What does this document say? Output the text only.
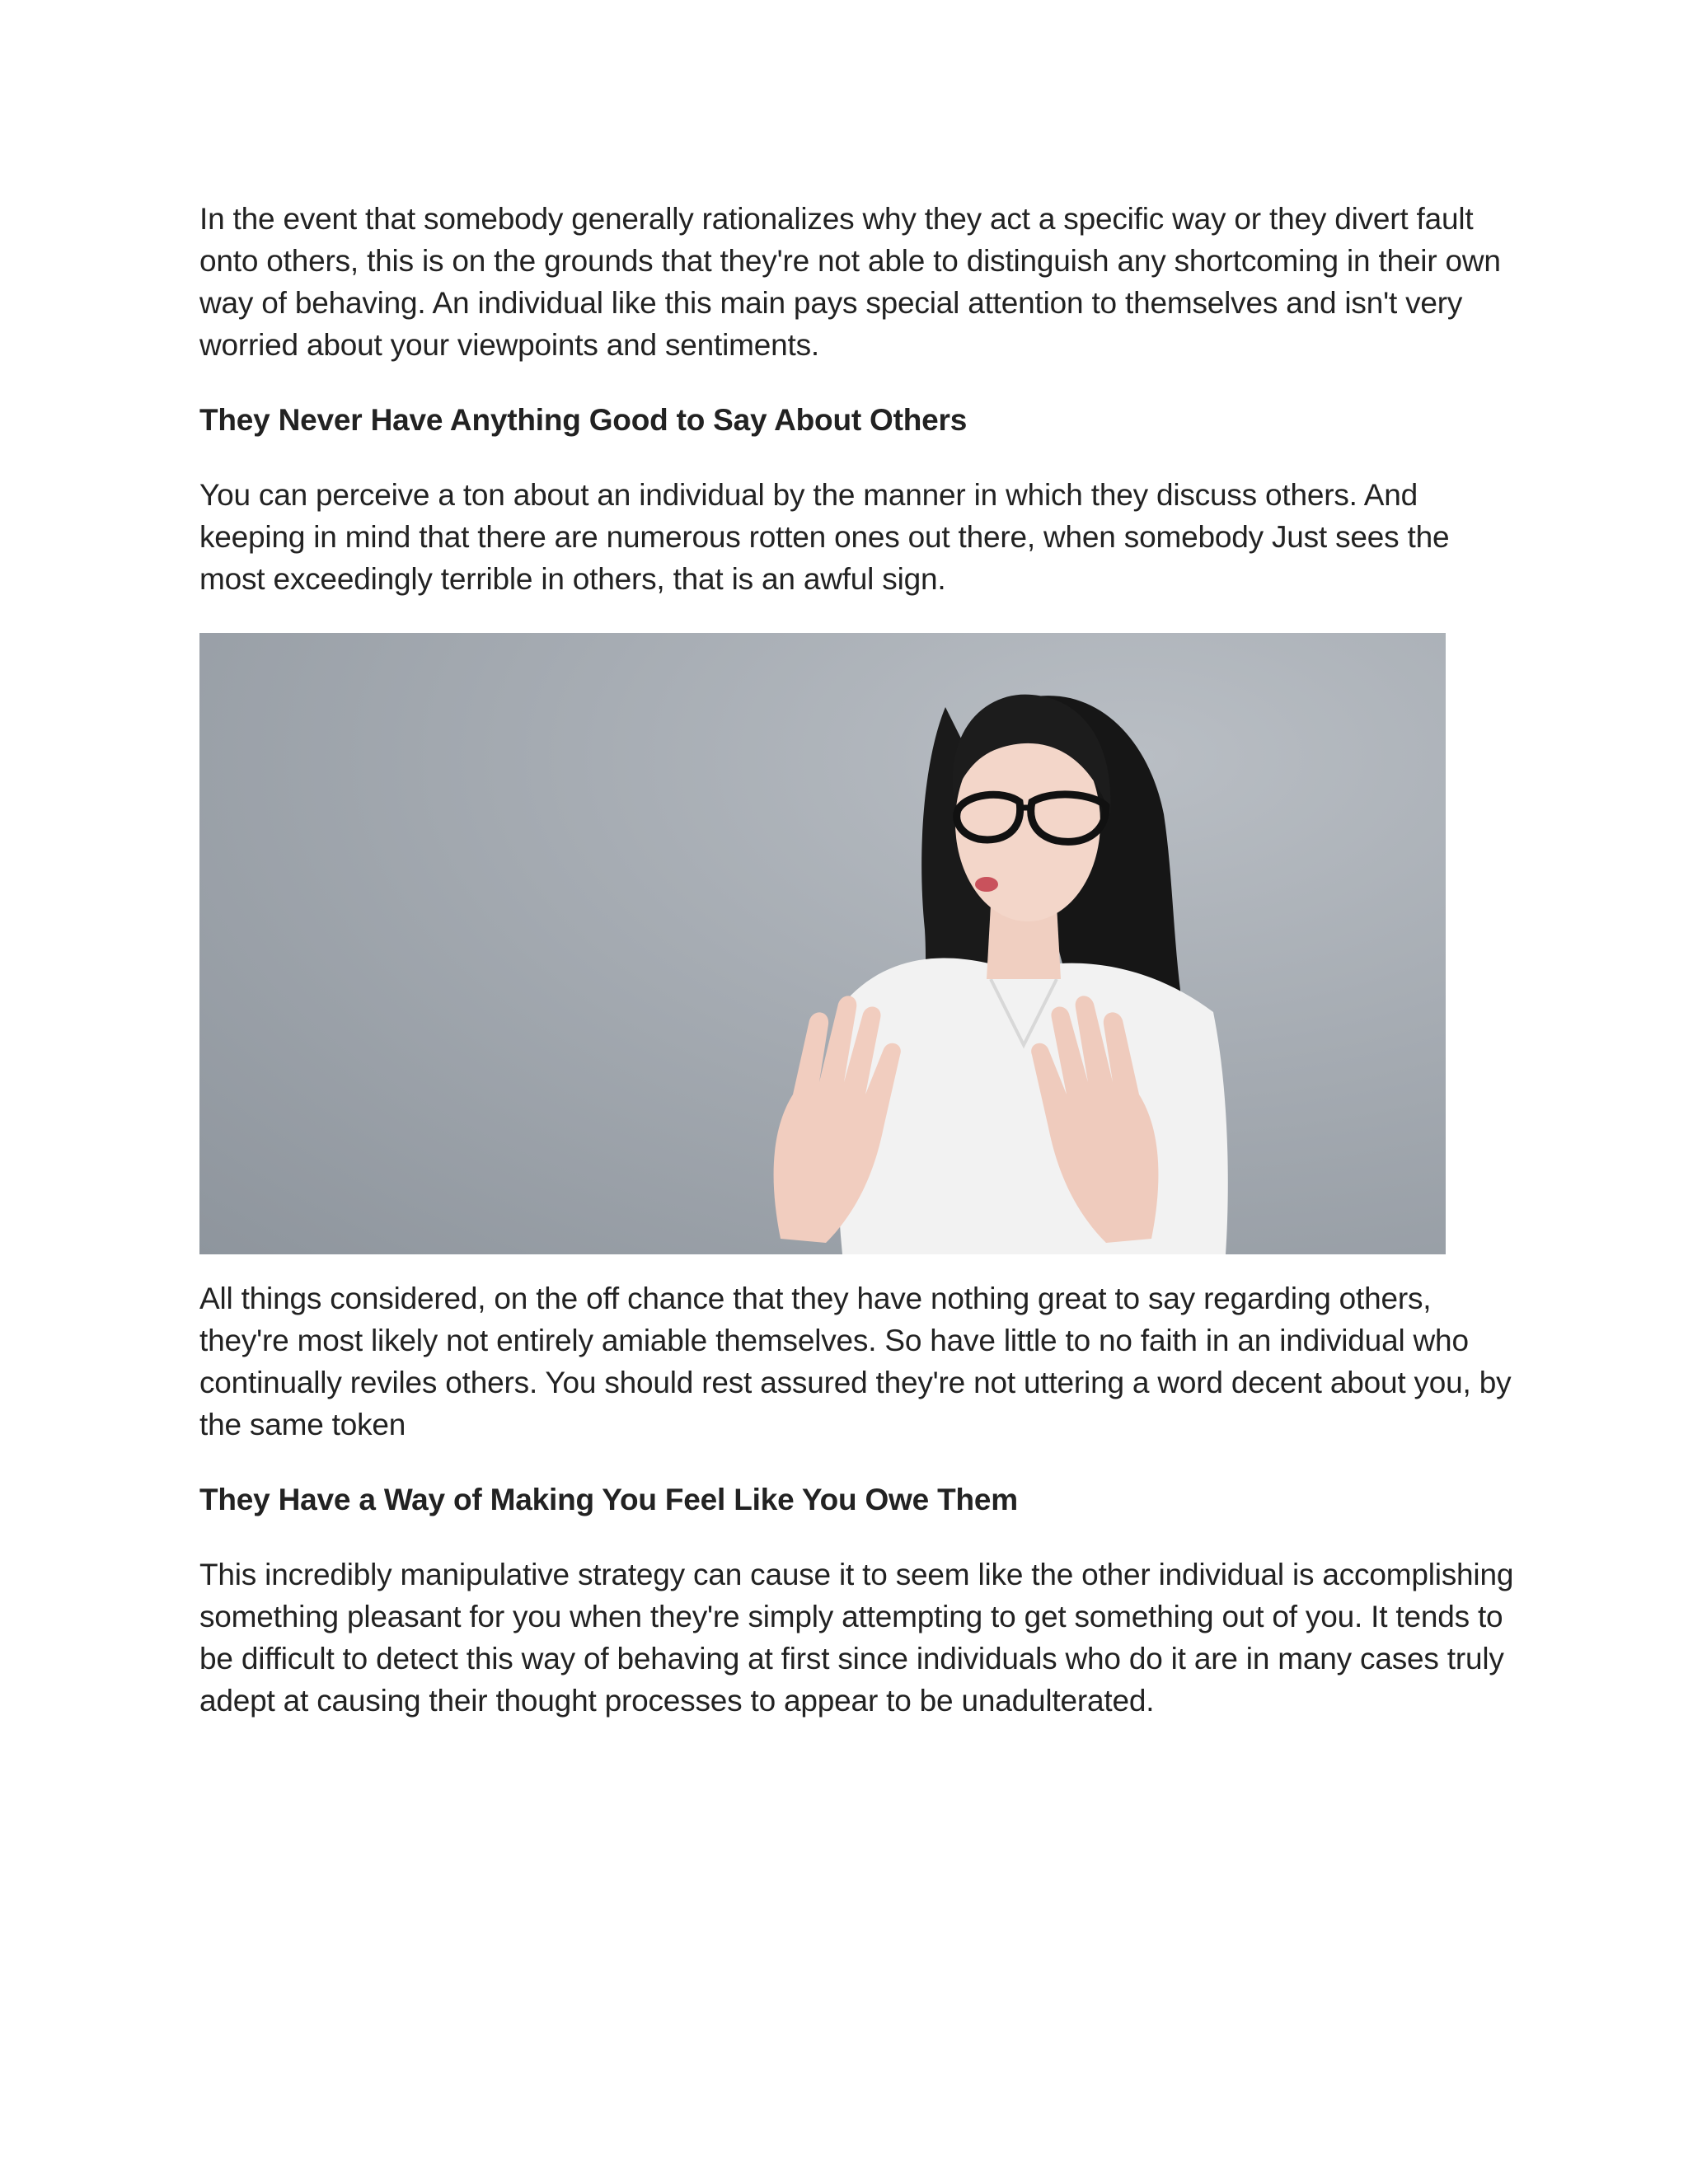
In the event that somebody generally rationalizes why they act a specific way or they divert fault onto others, this is on the grounds that they're not able to distinguish any shortcoming in their own way of behaving. An individual like this main pays special attention to themselves and isn't very worried about your viewpoints and sentiments.

They Never Have Anything Good to Say About Others

You can perceive a ton about an individual by the manner in which they discuss others. And keeping in mind that there are numerous rotten ones out there, when somebody Just sees the most exceedingly terrible in others, that is an awful sign.

All things considered, on the off chance that they have nothing great to say regarding others, they're most likely not entirely amiable themselves. So have little to no faith in an individual who continually reviles others. You should rest assured they're not uttering a word decent about you, by the same token

They Have a Way of Making You Feel Like You Owe Them

This incredibly manipulative strategy can cause it to seem like the other individual is accomplishing something pleasant for you when they're simply attempting to get something out of you. It tends to be difficult to detect this way of behaving at first since individuals who do it are in many cases truly adept at causing their thought processes to appear to be unadulterated.
